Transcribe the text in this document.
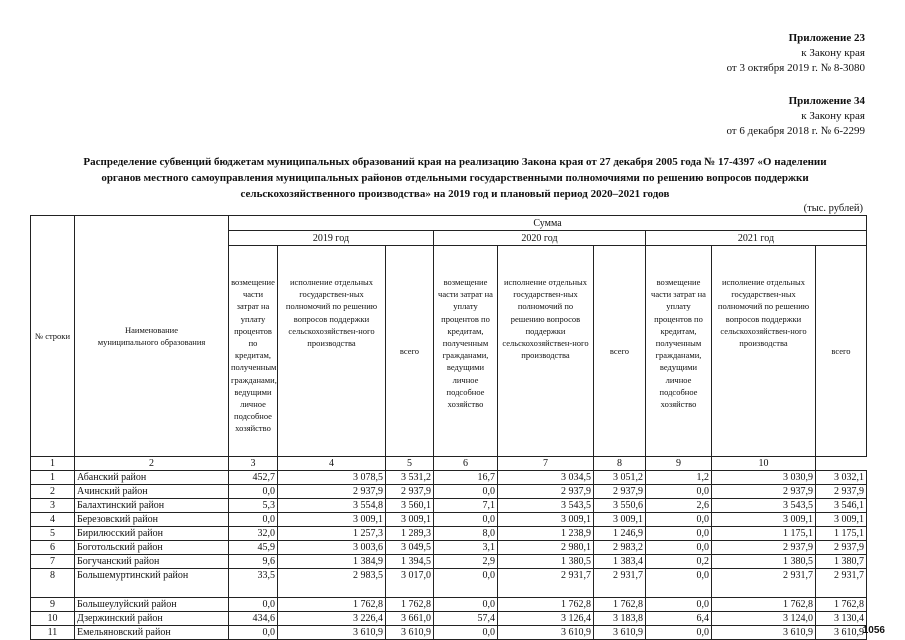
Приложение 23
к Закону края
от 3 октября 2019 г. № 8-3080
Приложение 34
к Закону края
от 6 декабря 2018 г. № 6-2299
Распределение субвенций бюджетам муниципальных образований края на реализацию Закона края от 27 декабря 2005 года № 17-4397 «О наделении
органов местного самоуправления муниципальных районов отдельными государственными полномочиями по решению вопросов поддержки
сельскохозяйственного производства» на 2019 год и плановый период 2020–2021 годов
(тыс. рублей)
№ строки	Наименование муниципального образования	Сумма								
		2019 год			2020 год			2021 год		
		возмещение части затрат на уплату процентов по кредитам, полученным гражданами, ведущими личное подсобное хозяйство	исполнение отдельных государствен-ных полномочий по решению вопросов поддержки сельскохозяйствен-ного производства	всего	возмещение части затрат на уплату процентов по кредитам, полученным гражданами, ведущими личное подсобное хозяйство	исполнение отдельных государствен-ных полномочий по решению вопросов поддержки сельскохозяйствен-ного производства	всего	возмещение части затрат на уплату процентов по кредитам, полученным гражданами, ведущими личное подсобное хозяйство	исполнение отдельных государствен-ных полномочий по решению вопросов поддержки сельскохозяйствен-ного производства	всего
1	2	3	4	5	6	7	8	9	10	
1	Абанский район	452,7	3 078,5	3 531,2	16,7	3 034,5	3 051,2	1,2	3 030,9	3 032,1
2	Ачинский район	0,0	2 937,9	2 937,9	0,0	2 937,9	2 937,9	0,0	2 937,9	2 937,9
3	Балахтинский район	5,3	3 554,8	3 560,1	7,1	3 543,5	3 550,6	2,6	3 543,5	3 546,1
4	Березовский район	0,0	3 009,1	3 009,1	0,0	3 009,1	3 009,1	0,0	3 009,1	3 009,1
5	Бирилюсский район	32,0	1 257,3	1 289,3	8,0	1 238,9	1 246,9	0,0	1 175,1	1 175,1
6	Боготольский район	45,9	3 003,6	3 049,5	3,1	2 980,1	2 983,2	0,0	2 937,9	2 937,9
7	Богучанский район	9,6	1 384,9	1 394,5	2,9	1 380,5	1 383,4	0,2	1 380,5	1 380,7
8	Большемуртинский район	33,5	2 983,5	3 017,0	0,0	2 931,7	2 931,7	0,0	2 931,7	2 931,7
9	Большеулуйский район	0,0	1 762,8	1 762,8	0,0	1 762,8	1 762,8	0,0	1 762,8	1 762,8
10	Дзержинский район	434,6	3 226,4	3 661,0	57,4	3 126,4	3 183,8	6,4	3 124,0	3 130,4
11	Емельяновский район	0,0	3 610,9	3 610,9	0,0	3 610,9	3 610,9	0,0	3 610,9	3 610,9
1056
